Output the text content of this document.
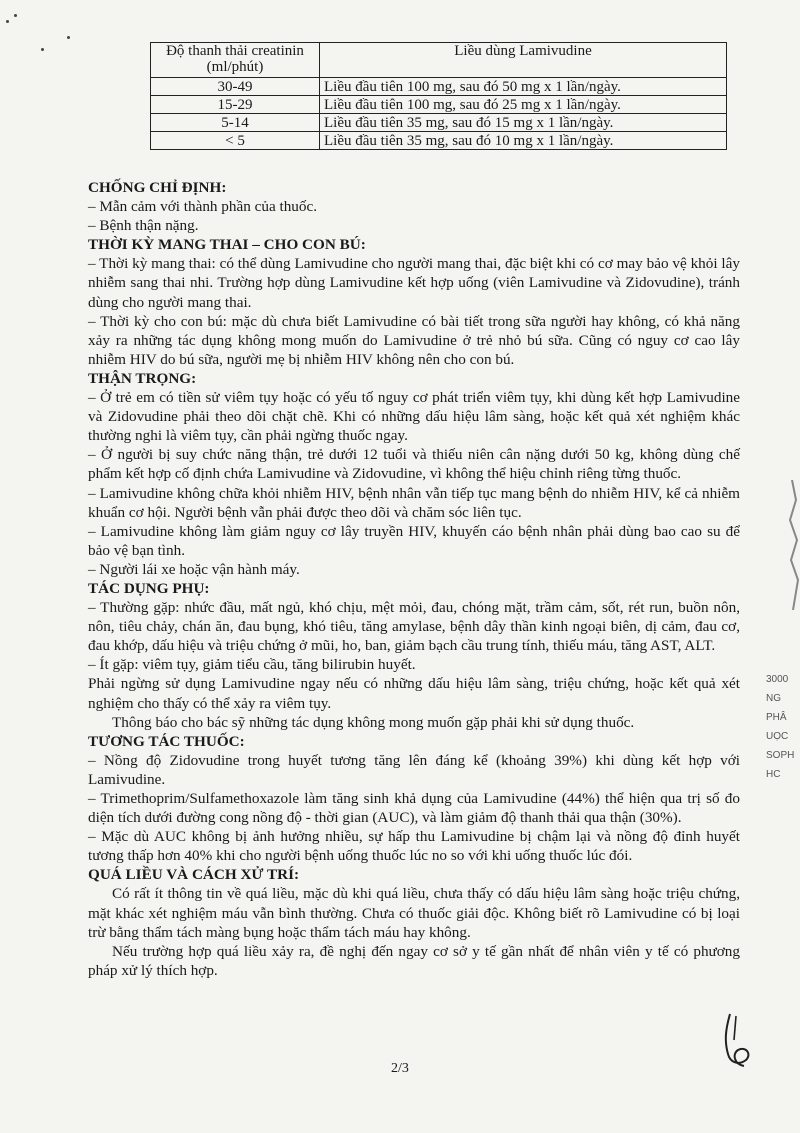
Độ thanh thải creatinin (ml/phút)	Liều dùng Lamivudine
30-49	Liều đầu tiên 100 mg, sau đó 50 mg x 1 lần/ngày.
15-29	Liều đầu tiên 100 mg, sau đó 25 mg x 1 lần/ngày.
5-14	Liều đầu tiên 35 mg, sau đó 15 mg x 1 lần/ngày.
< 5	Liều đầu tiên 35 mg, sau đó 10 mg x 1 lần/ngày.
CHỐNG CHỈ ĐỊNH:

– Mẫn cảm với thành phần của thuốc.

– Bệnh thận nặng.

THỜI KỲ MANG THAI – CHO CON BÚ:

– Thời kỳ mang thai: có thể dùng Lamivudine cho người mang thai, đặc biệt khi có cơ may bảo vệ khỏi lây nhiễm sang thai nhi. Trường hợp dùng Lamivudine kết hợp uống (viên Lamivudine và Zidovudine), tránh dùng cho người mang thai.

– Thời kỳ cho con bú: mặc dù chưa biết Lamivudine có bài tiết trong sữa người hay không, có khả năng xảy ra những tác dụng không mong muốn do Lamivudine ở trẻ nhỏ bú sữa. Cũng có nguy cơ cao lây nhiễm HIV do bú sữa, người mẹ bị nhiễm HIV không nên cho con bú.

THẬN TRỌNG:

– Ở trẻ em có tiền sử viêm tụy hoặc có yếu tố nguy cơ phát triển viêm tụy, khi dùng kết hợp Lamivudine và Zidovudine phải theo dõi chặt chẽ. Khi có những dấu hiệu lâm sàng, hoặc kết quả xét nghiệm khác thường nghi là viêm tụy, cần phải ngừng thuốc ngay.

– Ở người bị suy chức năng thận, trẻ dưới 12 tuổi và thiếu niên cân nặng dưới 50 kg, không dùng chế phẩm kết hợp cố định chứa Lamivudine và Zidovudine, vì không thể hiệu chỉnh riêng từng thuốc.

– Lamivudine không chữa khỏi nhiễm HIV, bệnh nhân vẫn tiếp tục mang bệnh do nhiễm HIV, kể cả nhiễm khuẩn cơ hội. Người bệnh vẫn phải được theo dõi và chăm sóc liên tục.

– Lamivudine không làm giảm nguy cơ lây truyền HIV, khuyến cáo bệnh nhân phải dùng bao cao su để bảo vệ bạn tình.

– Người lái xe hoặc vận hành máy.

TÁC DỤNG PHỤ:

– Thường gặp: nhức đầu, mất ngủ, khó chịu, mệt mỏi, đau, chóng mặt, trầm cảm, sốt, rét run, buồn nôn, nôn, tiêu chảy, chán ăn, đau bụng, khó tiêu, tăng amylase, bệnh dây thần kinh ngoại biên, dị cảm, đau cơ, đau khớp, dấu hiệu và triệu chứng ở mũi, ho, ban, giảm bạch cầu trung tính, thiếu máu, tăng AST, ALT.

– Ít gặp: viêm tụy, giảm tiểu cầu, tăng bilirubin huyết.

Phải ngừng sử dụng Lamivudine ngay nếu có những dấu hiệu lâm sàng, triệu chứng, hoặc kết quả xét nghiệm cho thấy có thể xảy ra viêm tụy.

Thông báo cho bác sỹ những tác dụng không mong muốn gặp phải khi sử dụng thuốc.

TƯƠNG TÁC THUỐC:

– Nồng độ Zidovudine trong huyết tương tăng lên đáng kể (khoảng 39%) khi dùng kết hợp với Lamivudine.

– Trimethoprim/Sulfamethoxazole làm tăng sinh khả dụng của Lamivudine (44%) thể hiện qua trị số đo diện tích dưới đường cong nồng độ - thời gian (AUC), và làm giảm độ thanh thải qua thận (30%).

– Mặc dù AUC không bị ảnh hưởng nhiều, sự hấp thu Lamivudine bị chậm lại và nồng độ đỉnh huyết tương thấp hơn 40% khi cho người bệnh uống thuốc lúc no so với khi uống thuốc lúc đói.

QUÁ LIỀU VÀ CÁCH XỬ TRÍ:

Có rất ít thông tin về quá liều, mặc dù khi quá liều, chưa thấy có dấu hiệu lâm sàng hoặc triệu chứng, mặt khác xét nghiệm máu vẫn bình thường. Chưa có thuốc giải độc. Không biết rõ Lamivudine có bị loại trừ bằng thẩm tách màng bụng hoặc thẩm tách máu hay không.

Nếu trường hợp quá liều xảy ra, đề nghị đến ngay cơ sở y tế gần nhất để nhân viên y tế có phương pháp xử lý thích hợp.

3000
NG
PHÂ
UỌC
SOPH
HC
2/3
